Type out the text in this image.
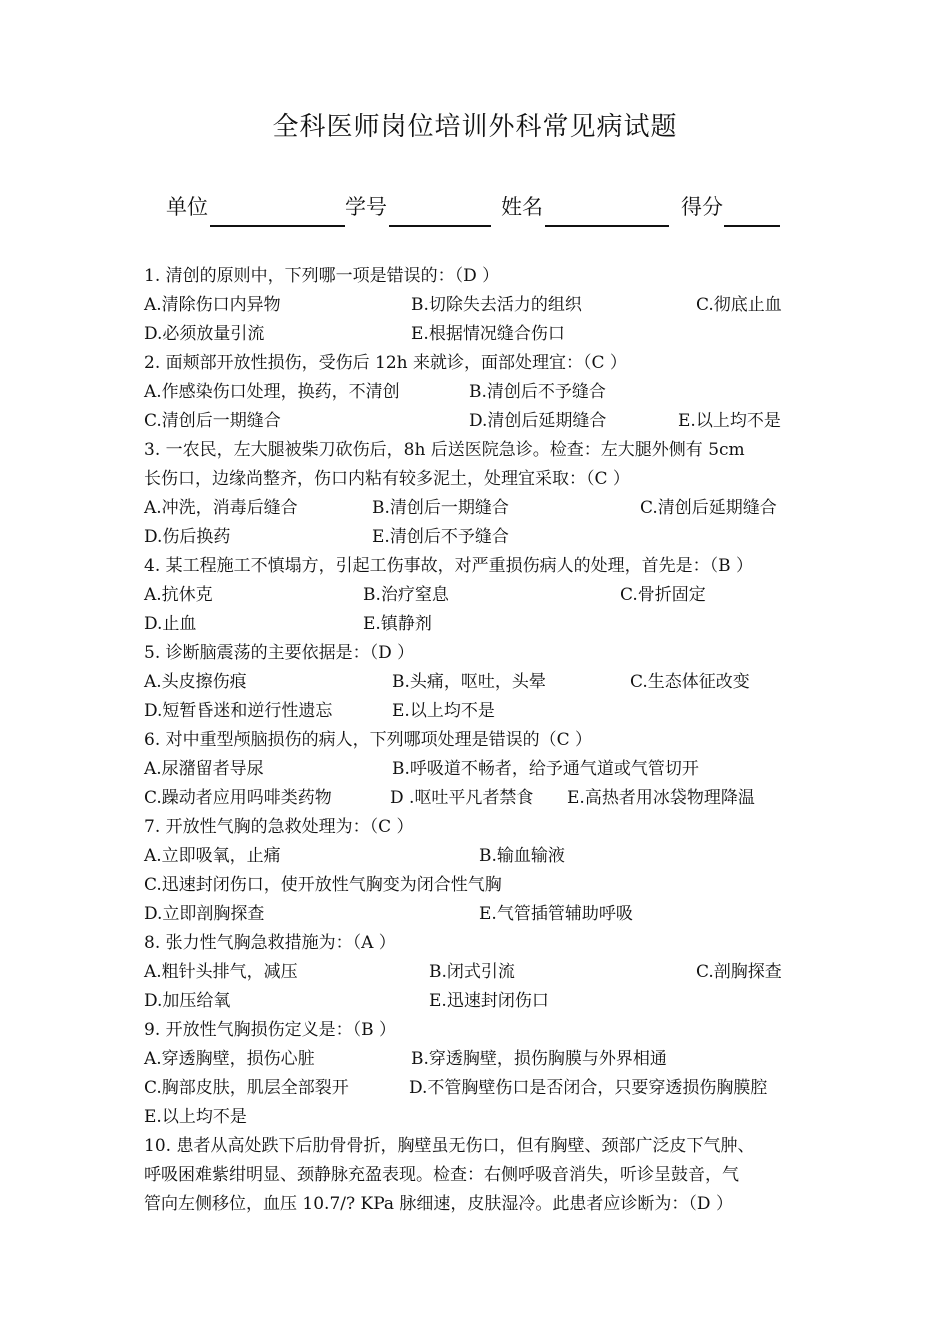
全科医师岗位培训外科常见病试题
单位	学号	姓名	得分
1. 清创的原则中，下列哪一项是错误的：（D ）
A.清除伤口内异物	B.切除失去活力的组织	C.彻底止血
D.必须放量引流	E.根据情况缝合伤口
2. 面颊部开放性损伤，受伤后 12h 来就诊，面部处理宜：（C ）
A.作感染伤口处理，换药，不清创	B.清创后不予缝合
C.清创后一期缝合	D.清创后延期缝合	E.以上均不是
3. 一农民，左大腿被柴刀砍伤后，8h 后送医院急诊。检查：左大腿外侧有 5cm
长伤口，边缘尚整齐，伤口内粘有较多泥土，处理宜采取：（C ）
A.冲洗，消毒后缝合	B.清创后一期缝合	C.清创后延期缝合
D.伤后换药	E.清创后不予缝合
4. 某工程施工不慎塌方，引起工伤事故，对严重损伤病人的处理，首先是：（B ）
A.抗休克	B.治疗窒息	C.骨折固定
D.止血	E.镇静剂
5. 诊断脑震荡的主要依据是：（D ）
A.头皮擦伤痕	B.头痛，呕吐，头晕	C.生态体征改变
D.短暂昏迷和逆行性遗忘	E.以上均不是
6. 对中重型颅脑损伤的病人，下列哪项处理是错误的（C ）
A.尿潴留者导尿	B.呼吸道不畅者，给予通气道或气管切开
C.躁动者应用吗啡类药物	D .呕吐平凡者禁食 E.高热者用冰袋物理降温
7. 开放性气胸的急救处理为：（C ）
A.立即吸氧，止痛	B.输血输液
C.迅速封闭伤口，使开放性气胸变为闭合性气胸
D.立即剖胸探查	E.气管插管辅助呼吸
8. 张力性气胸急救措施为：（A ）
A.粗针头排气，减压	B.闭式引流	C.剖胸探查
D.加压给氧	E.迅速封闭伤口
9. 开放性气胸损伤定义是：（B ）
A.穿透胸壁，损伤心脏	B.穿透胸壁，损伤胸膜与外界相通
C.胸部皮肤，肌层全部裂开	D.不管胸壁伤口是否闭合，只要穿透损伤胸膜腔
E.以上均不是
10. 患者从高处跌下后肋骨骨折，胸壁虽无伤口，但有胸壁、颈部广泛皮下气肿、
呼吸困难紫绀明显、颈静脉充盈表现。检查：右侧呼吸音消失，听诊呈鼓音，气
管向左侧移位，血压 10.7/? KPa 脉细速，皮肤湿冷。此患者应诊断为：（D ）
